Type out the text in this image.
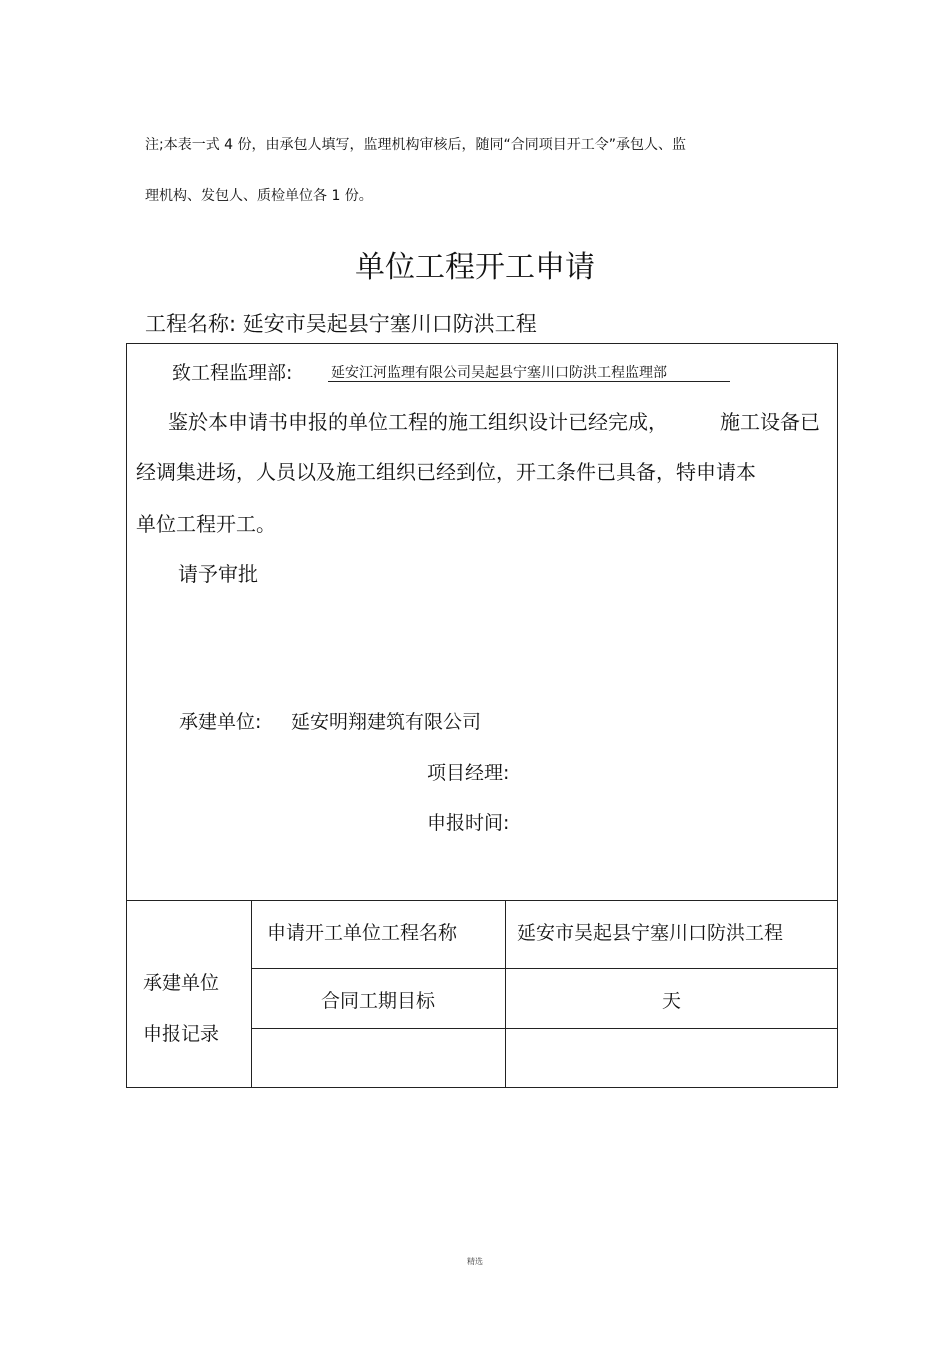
注;本表一式 4 份，由承包人填写，监理机构审核后，随同“合同项目开工令”承包人、监
理机构、发包人、质检单位各 1 份。
单位工程开工申请
工程名称: 延安市吴起县宁塞川口防洪工程
致工程监理部:	延安江河监理有限公司吴起县宁塞川口防洪工程监理部
鉴於本申请书申报的单位工程的施工组织设计已经完成，	施工设备已
经调集进场，人员以及施工组织已经到位，开工条件已具备，特申请本
单位工程开工。
请予审批
承建单位: 延安明翔建筑有限公司
项目经理:
申报时间:
承建单位
申报记录
申请开工单位工程名称	延安市吴起县宁塞川口防洪工程
合同工期目标	天
精选
